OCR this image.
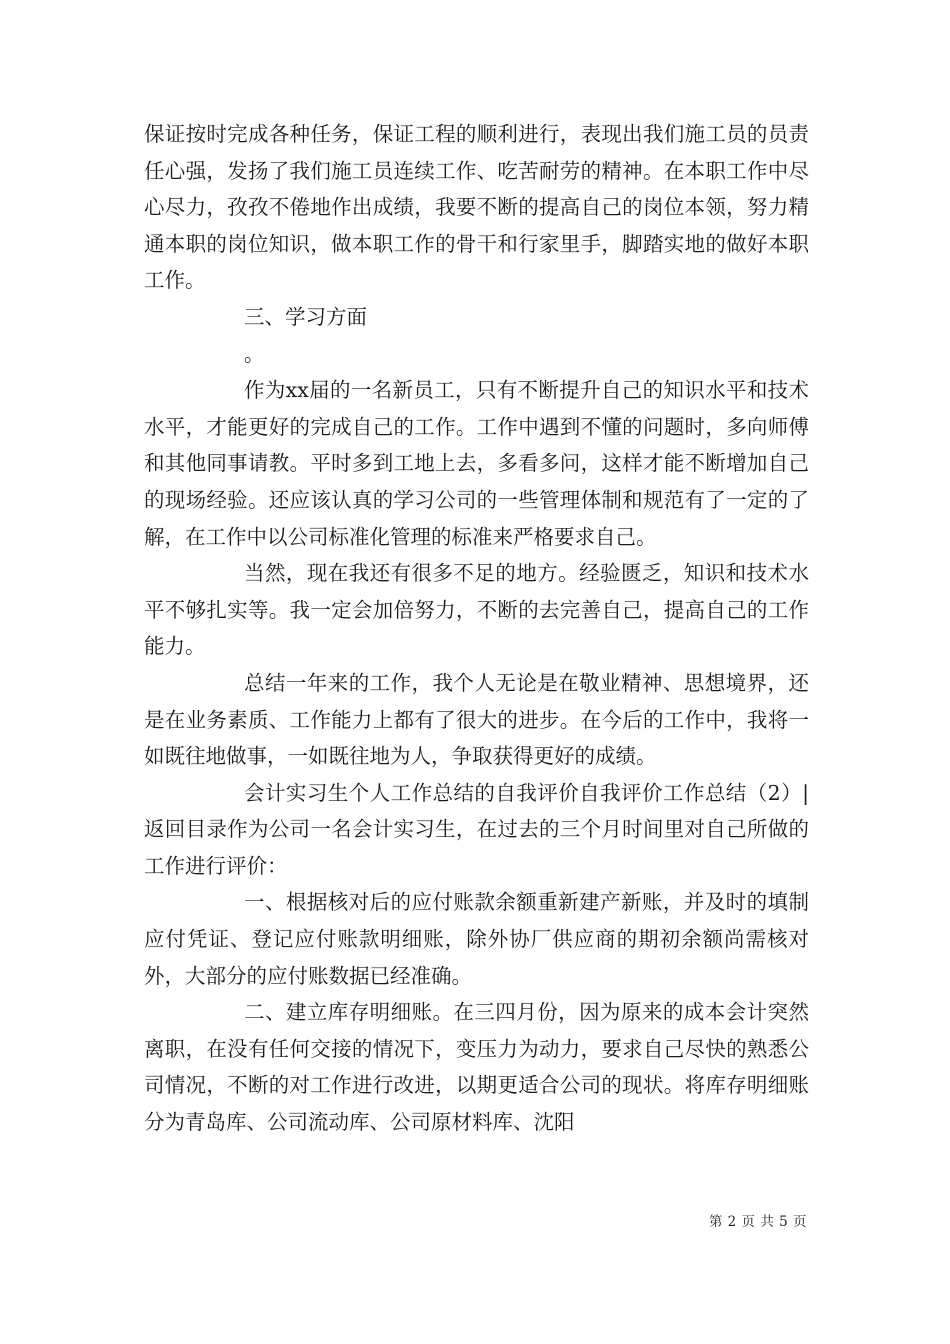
保证按时完成各种任务，保证工程的顺利进行，表现出我们施工员的员责任心强，发扬了我们施工员连续工作、吃苦耐劳的精神。在本职工作中尽心尽力，孜孜不倦地作出成绩，我要不断的提高自己的岗位本领，努力精通本职的岗位知识，做本职工作的骨干和行家里手，脚踏实地的做好本职工作。

三、学习方面

。

作为xx届的一名新员工，只有不断提升自己的知识水平和技术水平，才能更好的完成自己的工作。工作中遇到不懂的问题时，多向师傅和其他同事请教。平时多到工地上去，多看多问，这样才能不断增加自己的现场经验。还应该认真的学习公司的一些管理体制和规范有了一定的了解，在工作中以公司标准化管理的标准来严格要求自己。

当然，现在我还有很多不足的地方。经验匮乏，知识和技术水平不够扎实等。我一定会加倍努力，不断的去完善自己，提高自己的工作能力。

总结一年来的工作，我个人无论是在敬业精神、思想境界，还是在业务素质、工作能力上都有了很大的进步。在今后的工作中，我将一如既往地做事，一如既往地为人，争取获得更好的成绩。

会计实习生个人工作总结的自我评价自我评价工作总结（2）|返回目录作为公司一名会计实习生，在过去的三个月时间里对自己所做的工作进行评价：

一、根据核对后的应付账款余额重新建产新账，并及时的填制应付凭证、登记应付账款明细账，除外协厂供应商的期初余额尚需核对外，大部分的应付账数据已经准确。

二、建立库存明细账。在三四月份，因为原来的成本会计突然离职，在没有任何交接的情况下，变压力为动力，要求自己尽快的熟悉公司情况，不断的对工作进行改进，以期更适合公司的现状。将库存明细账分为青岛库、公司流动库、公司原材料库、沈阳

第 2 页 共 5 页
